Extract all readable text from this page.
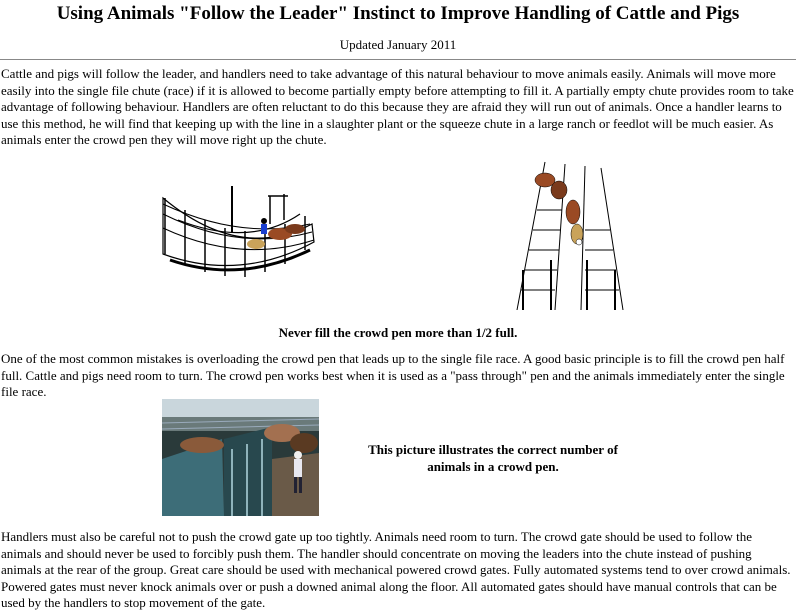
Using Animals "Follow the Leader" Instinct to Improve Handling of Cattle and Pigs
Updated January 2011

Cattle and pigs will follow the leader, and handlers need to take advantage of this natural behaviour to move animals easily. Animals will move more easily into the single file chute (race) if it is allowed to become partially empty before attempting to fill it. A partially empty chute provides room to take advantage of following behaviour. Handlers are often reluctant to do this because they are afraid they will run out of animals. Once a handler learns to use this method, he will find that keeping up with the line in a slaughter plant or the squeeze chute in a large ranch or feedlot will be much easier. As animals enter the crowd pen they will move right up the chute.

Never fill the crowd pen more than 1/2 full.

One of the most common mistakes is overloading the crowd pen that leads up to the single file race. A good basic principle is to fill the crowd pen half full. Cattle and pigs need room to turn. The crowd pen works best when it is used as a "pass through" pen and the animals immediately enter the single file race.

This picture illustrates the correct number of animals in a crowd pen.

Handlers must also be careful not to push the crowd gate up too tightly. Animals need room to turn. The crowd gate should be used to follow the animals and should never be used to forcibly push them. The handler should concentrate on moving the leaders into the chute instead of pushing animals at the rear of the group. Great care should be used with mechanical powered crowd gates. Fully automated systems tend to over crowd animals. Powered gates must never knock animals over or push a downed animal along the floor. All automated gates should have manual controls that can be used by the handlers to stop movement of the gate.
